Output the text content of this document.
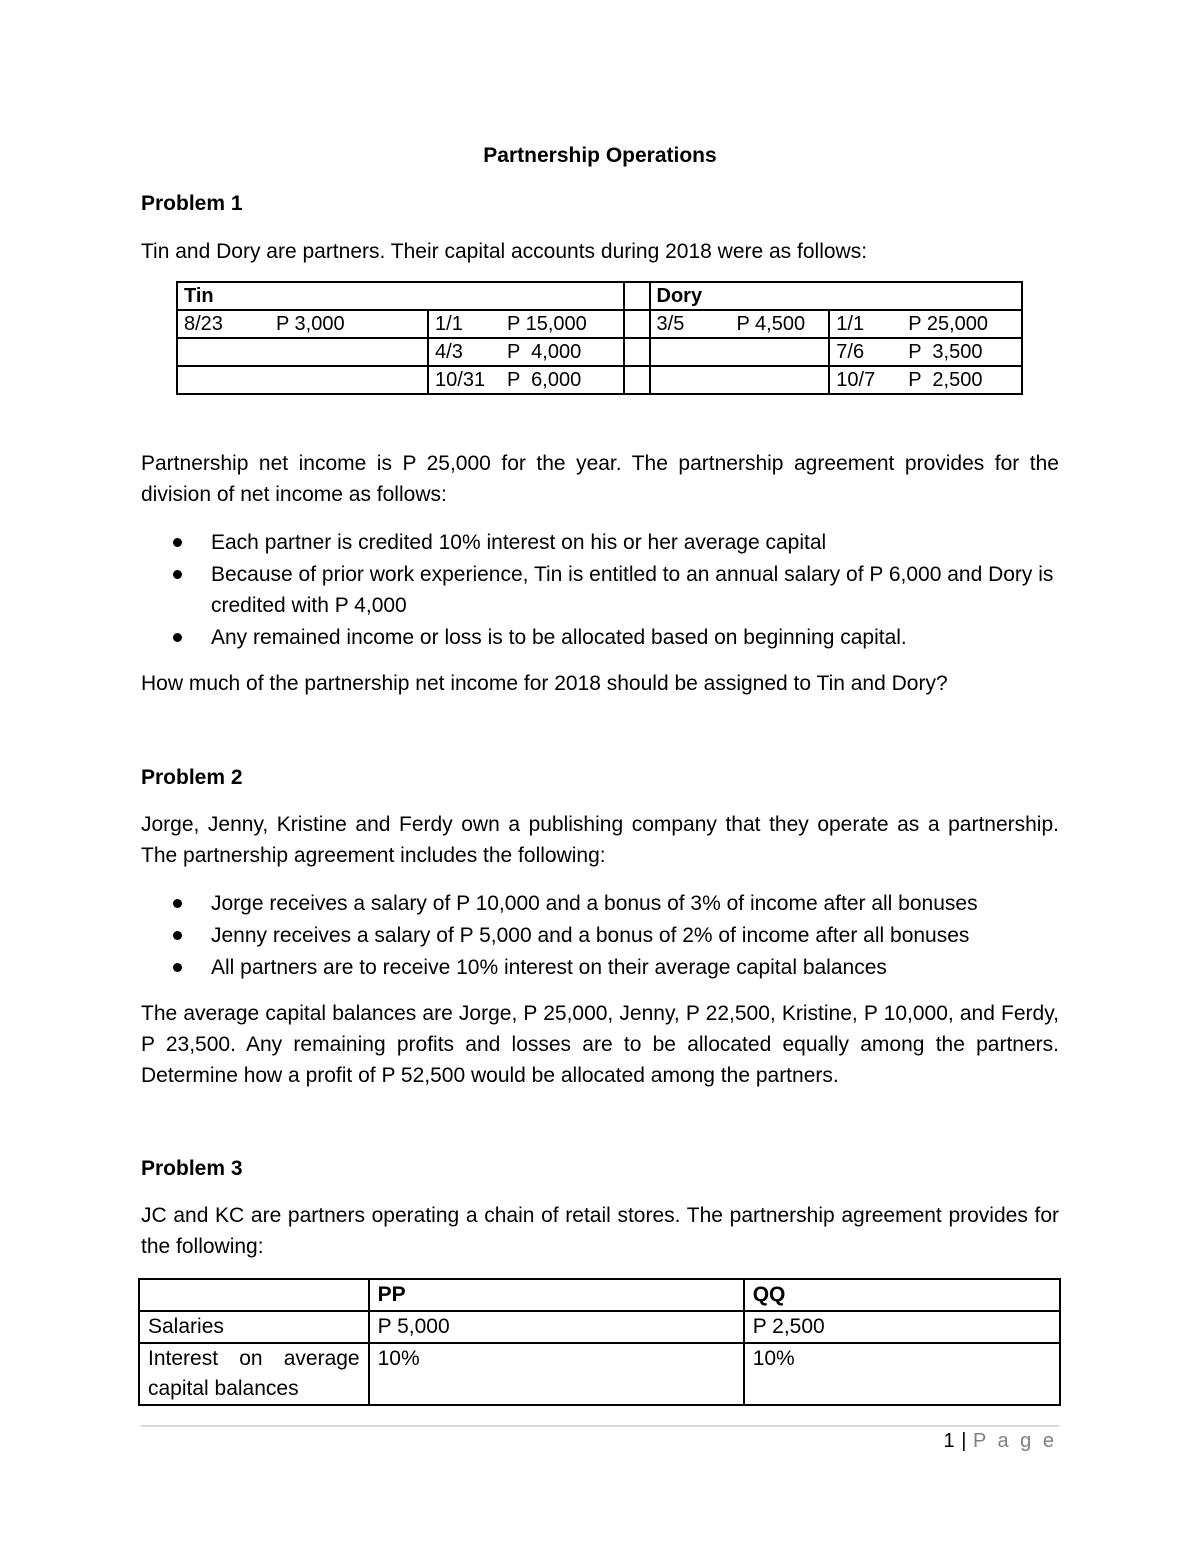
Partnership Operations
Problem 1
Tin and Dory are partners. Their capital accounts during 2018 were as follows:
Tin			Dory	
8/23 P 3,000	1/1 P 15,000		3/5 P 4,500	1/1 P 25,000
	4/3 P  4,000			7/6 P  3,500
	10/31 P  6,000			10/7 P  2,500
Partnership net income is P 25,000 for the year. The partnership agreement provides for the division of net income as follows:
Each partner is credited 10% interest on his or her average capital
Because of prior work experience, Tin is entitled to an annual salary of P 6,000 and Dory is credited with P 4,000
Any remained income or loss is to be allocated based on beginning capital.
How much of the partnership net income for 2018 should be assigned to Tin and Dory?
Problem 2
Jorge, Jenny, Kristine and Ferdy own a publishing company that they operate as a partnership. The partnership agreement includes the following:
Jorge receives a salary of P 10,000 and a bonus of 3% of income after all bonuses
Jenny receives a salary of P 5,000 and a bonus of 2% of income after all bonuses
All partners are to receive 10% interest on their average capital balances
The average capital balances are Jorge, P 25,000, Jenny, P 22,500, Kristine, P 10,000, and Ferdy, P 23,500. Any remaining profits and losses are to be allocated equally among the partners. Determine how a profit of P 52,500 would be allocated among the partners.
Problem 3
JC and KC are partners operating a chain of retail stores. The partnership agreement provides for the following:
	PP	QQ
Salaries	P 5,000	P 2,500
Interest on average capital balances	10%	10%
1 | P a g e
